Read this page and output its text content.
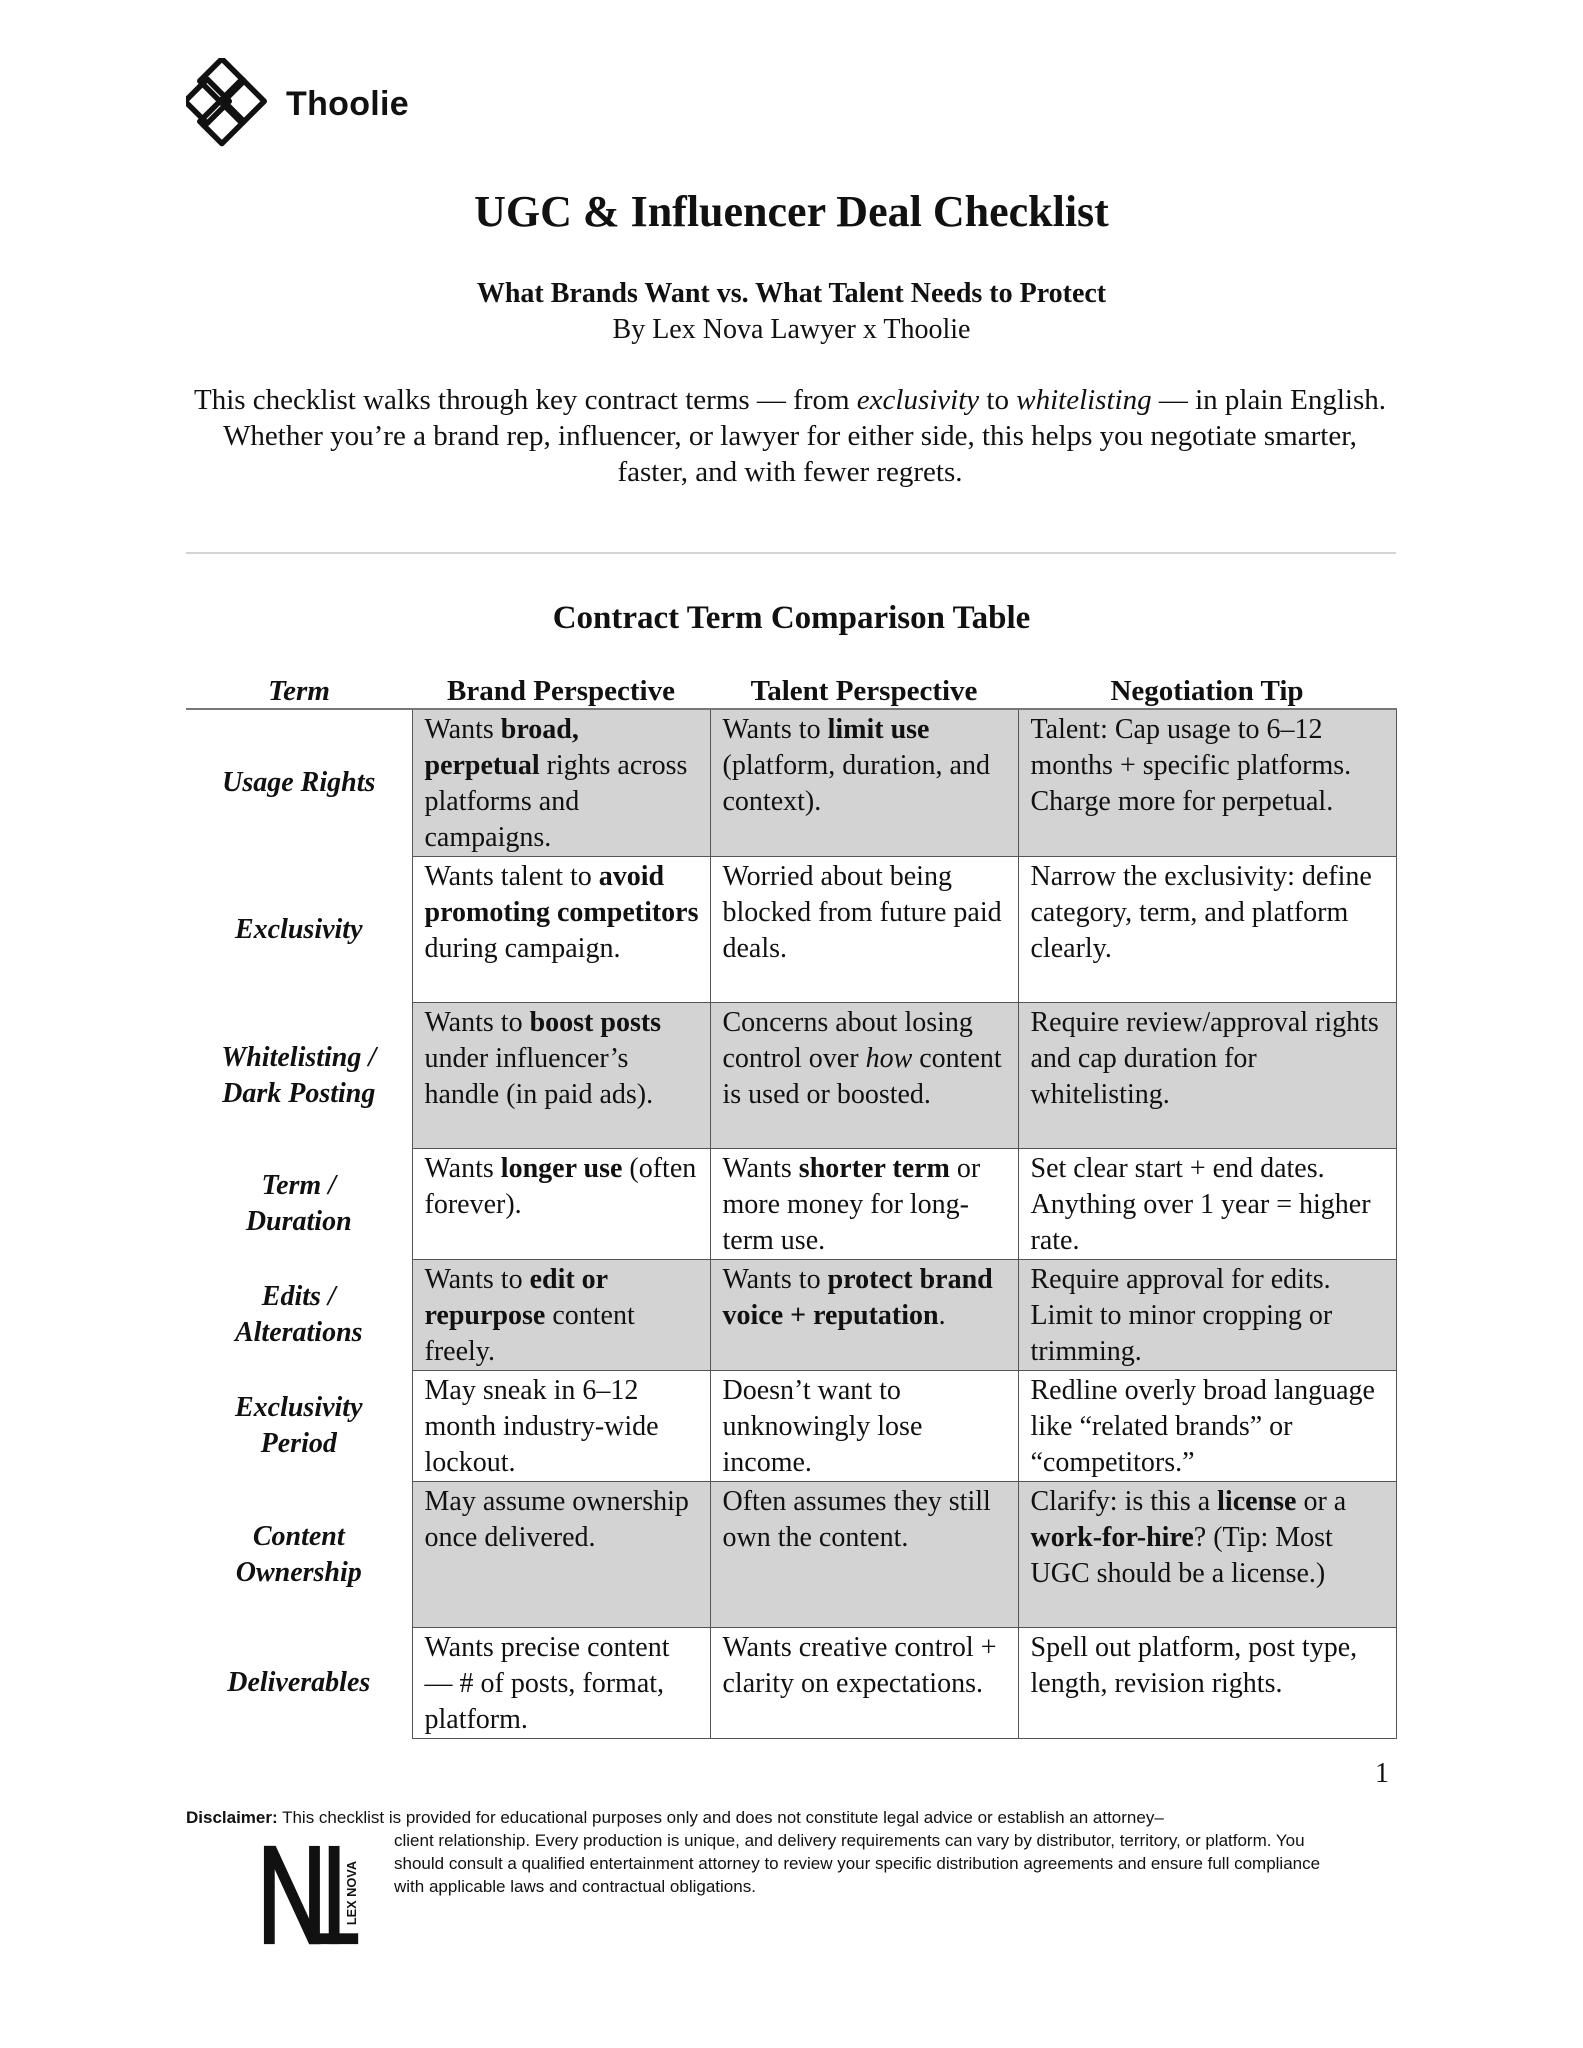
Thoolie
UGC & Influencer Deal Checklist
What Brands Want vs. What Talent Needs to Protect
By Lex Nova Lawyer x Thoolie
This checklist walks through key contract terms — from exclusivity to whitelisting — in plain English. Whether you’re a brand rep, influencer, or lawyer for either side, this helps you negotiate smarter, faster, and with fewer regrets.
Contract Term Comparison Table
Term	Brand Perspective	Talent Perspective	Negotiation Tip
Usage Rights	Wants broad, perpetual rights across platforms and campaigns.	Wants to limit use (platform, duration, and context).	Talent: Cap usage to 6–12 months + specific platforms. Charge more for perpetual.
Exclusivity	Wants talent to avoid promoting competitors during campaign.	Worried about being blocked from future paid deals.	Narrow the exclusivity: define category, term, and platform clearly.
Whitelisting /
Dark Posting	Wants to boost posts under influencer’s handle (in paid ads).	Concerns about losing control over how content is used or boosted.	Require review/approval rights and cap duration for whitelisting.
Term /
Duration	Wants longer use (often forever).	Wants shorter term or more money for long-term use.	Set clear start + end dates. Anything over 1 year = higher rate.
Edits /
Alterations	Wants to edit or repurpose content freely.	Wants to protect brand voice + reputation.	Require approval for edits. Limit to minor cropping or trimming.
Exclusivity
Period	May sneak in 6–12 month industry-wide lockout.	Doesn’t want to unknowingly lose income.	Redline overly broad language like “related brands” or “competitors.”
Content
Ownership	May assume ownership once delivered.	Often assumes they still own the content.	Clarify: is this a license or a work-for-hire? (Tip: Most UGC should be a license.)
Deliverables	Wants precise content — # of posts, format, platform.	Wants creative control + clarity on expectations.	Spell out platform, post type, length, revision rights.
1
Disclaimer: This checklist is provided for educational purposes only and does not constitute legal advice or establish an attorney–
client relationship. Every production is unique, and delivery requirements can vary by distributor, territory, or platform. You should consult a qualified entertainment attorney to review your specific distribution agreements and ensure full compliance with applicable laws and contractual obligations.
LEX NOVA
